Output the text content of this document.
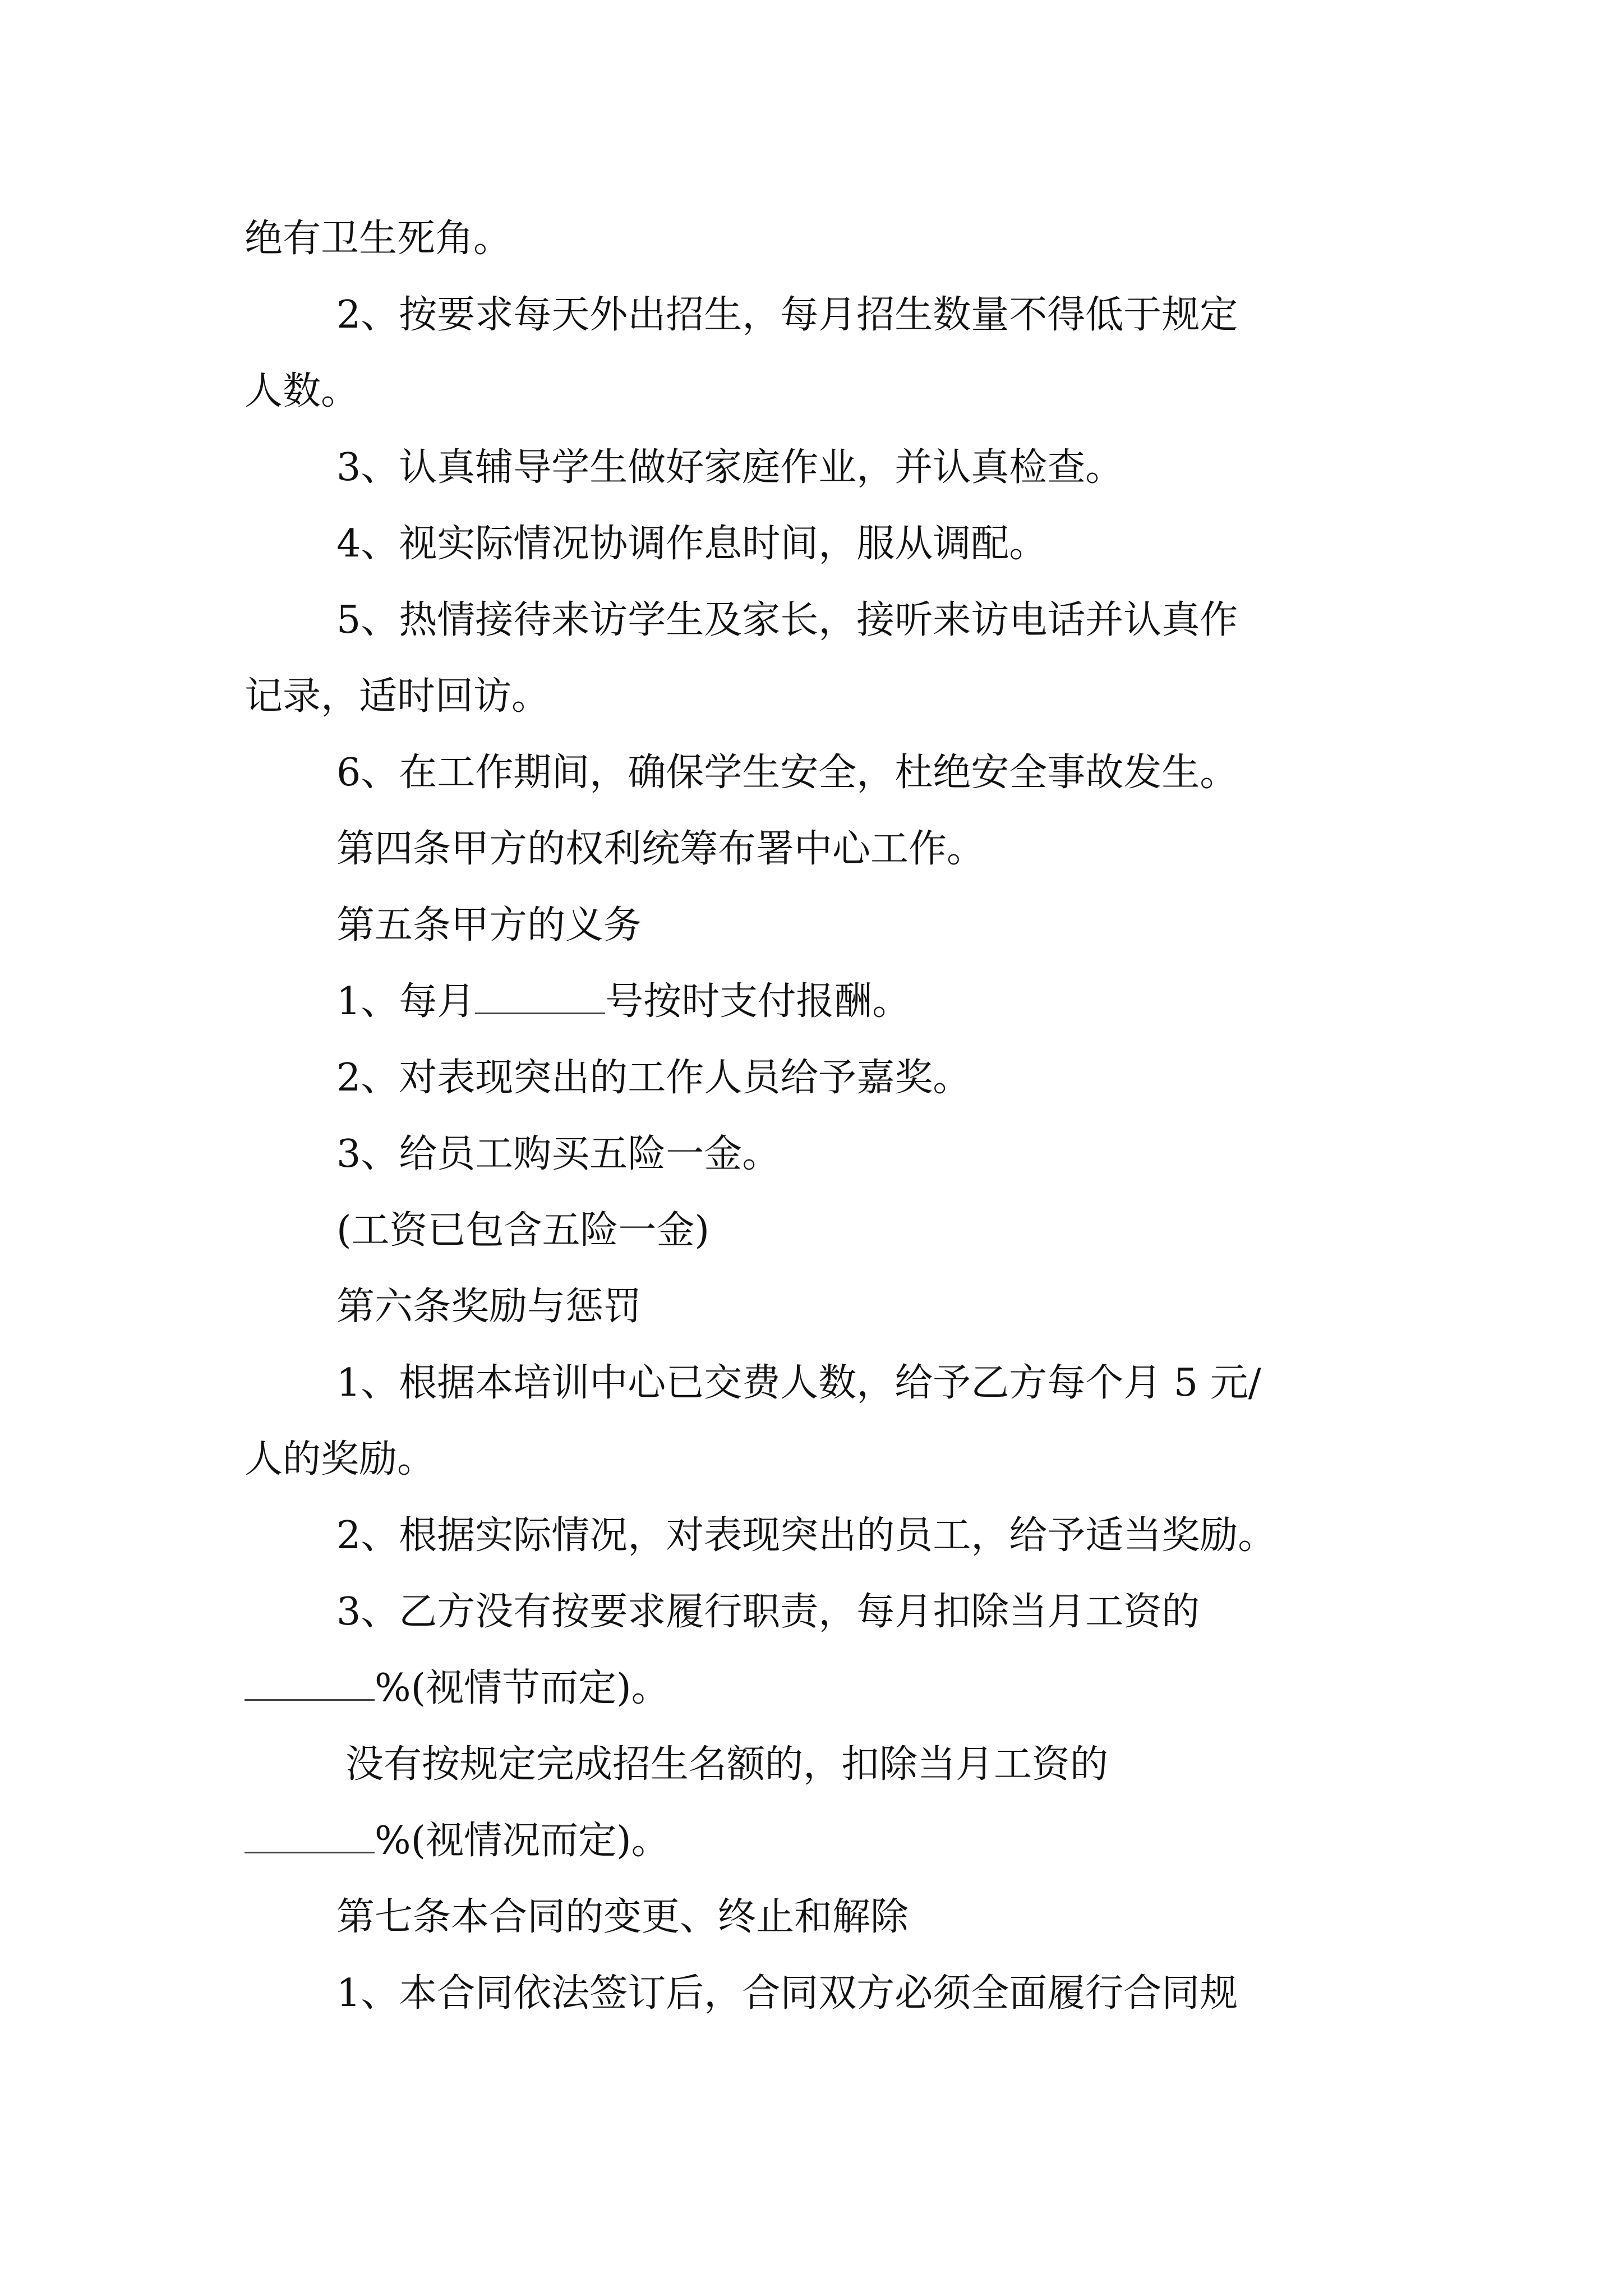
绝有卫生死角。
2、按要求每天外出招生，每月招生数量不得低于规定
人数。
3、认真辅导学生做好家庭作业，并认真检查。
4、视实际情况协调作息时间，服从调配。
5、热情接待来访学生及家长，接听来访电话并认真作
记录，适时回访。
6、在工作期间，确保学生安全，杜绝安全事故发生。
第四条甲方的权利统筹布署中心工作。
第五条甲方的义务
1、每月	号按时支付报酬。
2、对表现突出的工作人员给予嘉奖。
3、给员工购买五险一金。
(工资已包含五险一金)
第六条奖励与惩罚
1、根据本培训中心已交费人数，给予乙方每个月 5 元/
人的奖励。
2、根据实际情况，对表现突出的员工，给予适当奖励。
3、乙方没有按要求履行职责，每月扣除当月工资的
%(视情节而定)。
没有按规定完成招生名额的，扣除当月工资的
%(视情况而定)。
第七条本合同的变更、终止和解除
1、本合同依法签订后，合同双方必须全面履行合同规
